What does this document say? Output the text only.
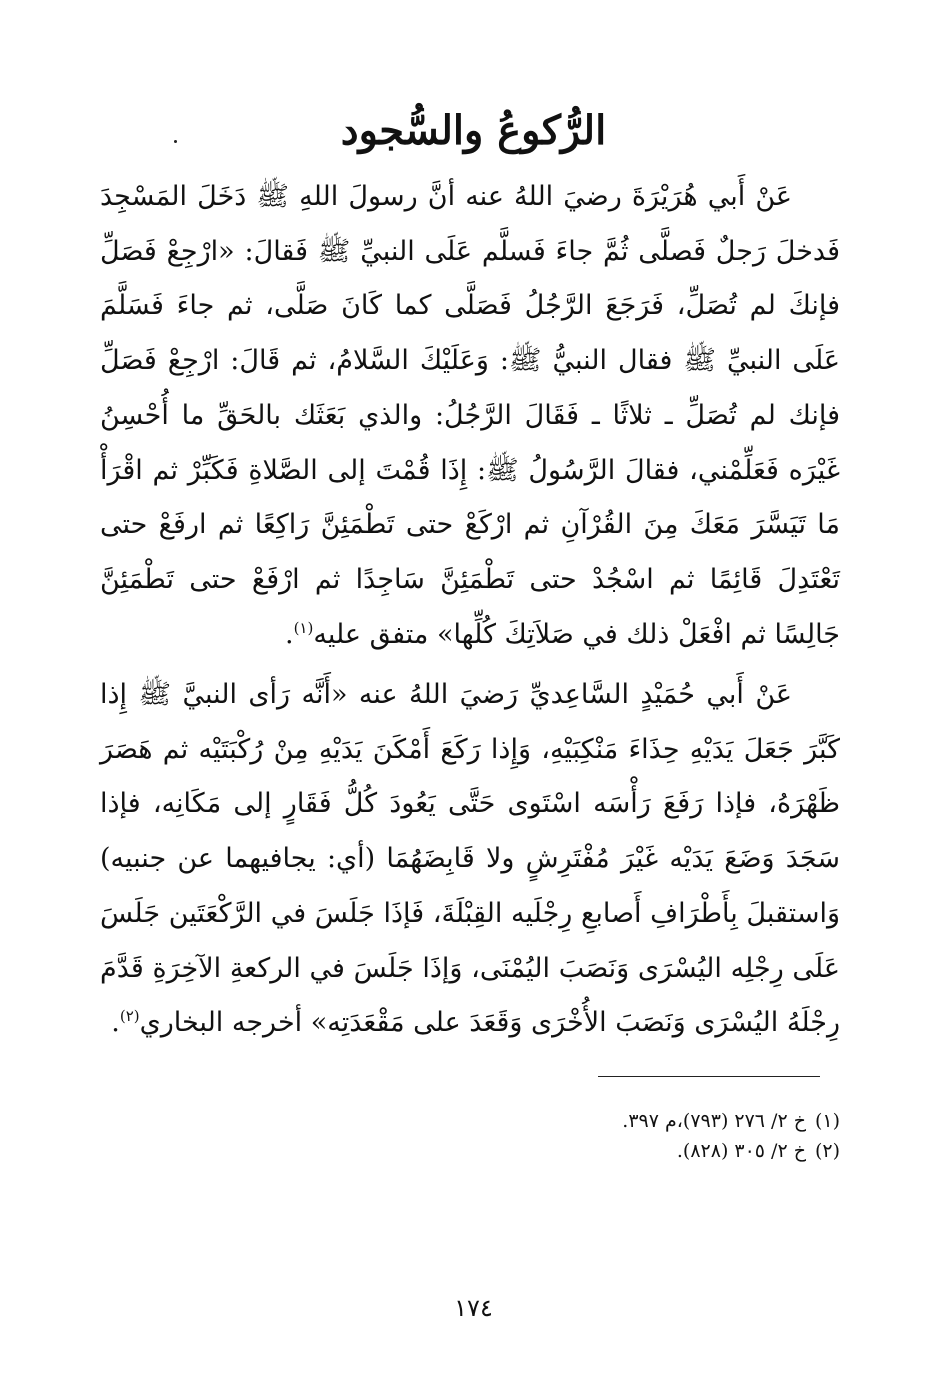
الرُّكوعُ والسُّجود

عَنْ أَبي هُرَيْرَةَ رضيَ اللهُ عنه أنَّ رسولَ اللهِ ﷺ دَخَلَ المَسْجِدَ فَدخلَ رَجلٌ فَصلَّى ثُمَّ جاءَ فَسلَّم عَلَى النبيِّ ﷺ فَقالَ: «ارْجِعْ فَصَلِّ فإنكَ لم تُصَلِّ، فَرَجَعَ الرَّجُلُ فَصَلَّى كما كَانَ صَلَّى، ثم جاءَ فَسَلَّمَ عَلَى النبيِّ ﷺ فقال النبيُّ ﷺ: وَعَلَيْكَ السَّلامُ، ثم قَالَ: ارْجِعْ فَصَلِّ فإنك لم تُصَلِّ ـ ثلاثًا ـ فَقَالَ الرَّجُلُ: والذي بَعَثَك بالحَقِّ ما أُحْسِنُ غَيْرَه فَعَلِّمْني، فقالَ الرَّسُولُ ﷺ: إِذَا قُمْتَ إلى الصَّلاةِ فَكَبِّرْ ثم اقْرَأْ مَا تَيَسَّرَ مَعَكَ مِنَ القُرْآنِ ثم ارْكَعْ حتى تَطْمَئِنَّ رَاكِعًا ثم ارفَعْ حتى تَعْتَدِلَ قَائِمًا ثم اسْجُدْ حتى تَطْمَئِنَّ سَاجِدًا ثم ارْفَعْ حتى تَطْمَئِنَّ جَالِسًا ثم افْعَلْ ذلك في صَلاَتِكَ كُلِّها» متفق عليه$^{(١)}$.

عَنْ أَبي حُمَيْدٍ السَّاعِديِّ رَضيَ اللهُ عنه «أَنَّه رَأى النبيَّ ﷺ إِذا كَبَّرَ جَعَلَ يَدَيْهِ حِذَاءَ مَنْكِبَيْهِ، وَإِذا رَكَعَ أَمْكَنَ يَدَيْهِ مِنْ رُكْبَتَيْه ثم هَصَرَ ظَهْرَهُ، فإذا رَفَعَ رَأْسَه اسْتَوى حَتَّى يَعُودَ كُلُّ فَقَارٍ إلى مَكَانِه، فإذا سَجَدَ وَضَعَ يَدَيْه غَيْرَ مُفْتَرِشٍ ولا قَابِضَهُمَا (أي: يجافيهما عن جنبيه) وَاستقبلَ بِأَطْرَافِ أَصابعِ رِجْلَيه القِبْلَةَ، فَإذَا جَلَسَ في الرَّكْعَتَين جَلَسَ عَلَى رِجْلِه اليُسْرَى وَنَصَبَ اليُمْنَى، وَإذَا جَلَسَ في الركعةِ الآخِرَةِ قَدَّمَ رِجْلَهُ اليُسْرَى وَنَصَبَ الأُخْرَى وَقَعَدَ على مَقْعَدَتِه» أخرجه البخاري$^{(٢)}$.

(١)خ ٢/ ٢٧٦ (٧٩٣)،م ٣٩٧.
(٢)خ ٢/ ٣٠٥ (٨٢٨).
١٧٤
